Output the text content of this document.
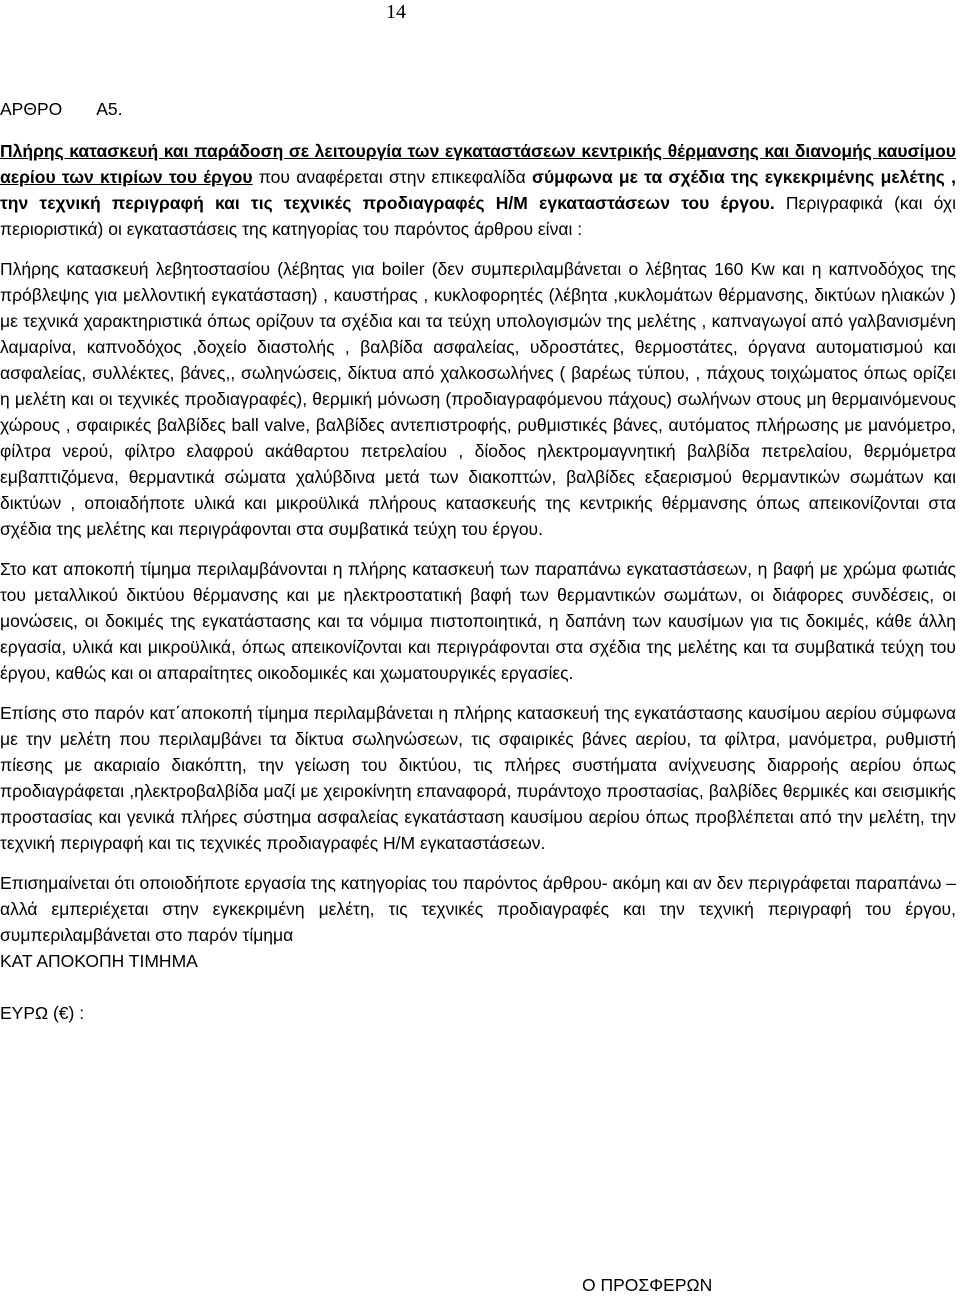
14
ΑΡΘΡΟ Α5.

Πλήρης κατασκευή και παράδοση σε λειτουργία των εγκαταστάσεων κεντρικής θέρμανσης και διανομής καυσίμου αερίου των κτιρίων του έργου που αναφέρεται στην επικεφαλίδα σύμφωνα με τα σχέδια της εγκεκριμένης μελέτης , την τεχνική περιγραφή και τις τεχνικές προδιαγραφές Η/Μ εγκαταστάσεων του έργου. Περιγραφικά (και όχι περιοριστικά) οι εγκαταστάσεις της κατηγορίας του παρόντος άρθρου είναι :

Πλήρης κατασκευή λεβητοστασίου (λέβητας για boiler (δεν συμπεριλαμβάνεται ο λέβητας 160 Kw και η καπνοδόχος της πρόβλεψης για μελλοντική εγκατάσταση) , καυστήρας , κυκλοφορητές (λέβητα ,κυκλομάτων θέρμανσης, δικτύων ηλιακών ) με τεχνικά χαρακτηριστικά όπως ορίζουν τα σχέδια και τα τεύχη υπολογισμών της μελέτης , καπναγωγοί από γαλβανισμένη λαμαρίνα, καπνοδόχος ,δοχείο διαστολής , βαλβίδα ασφαλείας, υδροστάτες, θερμοστάτες, όργανα αυτοματισμού και ασφαλείας, συλλέκτες, βάνες,, σωληνώσεις, δίκτυα από χαλκοσωλήνες ( βαρέως τύπου, , πάχους τοιχώματος όπως ορίζει η μελέτη και οι τεχνικές προδιαγραφές), θερμική μόνωση (προδιαγραφόμενου πάχους) σωλήνων στους μη θερμαινόμενους χώρους , σφαιρικές βαλβίδες ball valve, βαλβίδες αντεπιστροφής, ρυθμιστικές βάνες, αυτόματος πλήρωσης με μανόμετρο, φίλτρα νερού, φίλτρο ελαφρού ακάθαρτου πετρελαίου , δίοδος ηλεκτρομαγνητική βαλβίδα πετρελαίου, θερμόμετρα εμβαπτιζόμενα, θερμαντικά σώματα χαλύβδινα μετά των διακοπτών, βαλβίδες εξαερισμού θερμαντικών σωμάτων και δικτύων , οποιαδήποτε υλικά και μικροϋλικά πλήρους κατασκευής της κεντρικής θέρμανσης όπως απεικονίζονται στα σχέδια της μελέτης και περιγράφονται στα συμβατικά τεύχη του έργου.

Στο κατ αποκοπή τίμημα περιλαμβάνονται η πλήρης κατασκευή των παραπάνω εγκαταστάσεων, η βαφή με χρώμα φωτιάς του μεταλλικού δικτύου θέρμανσης και με ηλεκτροστατική βαφή των θερμαντικών σωμάτων, οι διάφορες συνδέσεις, οι μονώσεις, οι δοκιμές της εγκατάστασης και τα νόμιμα πιστοποιητικά, η δαπάνη των καυσίμων για τις δοκιμές, κάθε άλλη εργασία, υλικά και μικροϋλικά, όπως απεικονίζονται και περιγράφονται στα σχέδια της μελέτης και τα συμβατικά τεύχη του έργου, καθώς και οι απαραίτητες οικοδομικές και χωματουργικές εργασίες.

Επίσης στο παρόν κατ΄αποκοπή τίμημα περιλαμβάνεται η πλήρης κατασκευή της εγκατάστασης καυσίμου αερίου σύμφωνα με την μελέτη που περιλαμβάνει τα δίκτυα σωληνώσεων, τις σφαιρικές βάνες αερίου, τα φίλτρα, μανόμετρα, ρυθμιστή πίεσης με ακαριαίο διακόπτη, την γείωση του δικτύου, τις πλήρες συστήματα ανίχνευσης διαρροής αερίου όπως προδιαγράφεται ,ηλεκτροβαλβίδα μαζί με χειροκίνητη επαναφορά, πυράντοχο προστασίας, βαλβίδες θερμικές και σεισμικής προστασίας και γενικά πλήρες σύστημα ασφαλείας εγκατάσταση καυσίμου αερίου όπως προβλέπεται από την μελέτη, την τεχνική περιγραφή και τις τεχνικές προδιαγραφές Η/Μ εγκαταστάσεων.

Επισημαίνεται ότι οποιοδήποτε εργασία της κατηγορίας του παρόντος άρθρου- ακόμη και αν δεν περιγράφεται παραπάνω – αλλά εμπεριέχεται στην εγκεκριμένη μελέτη, τις τεχνικές προδιαγραφές και την τεχνική περιγραφή του έργου, συμπεριλαμβάνεται στο παρόν τίμημα

ΚΑΤ ΑΠΟΚΟΠΗ ΤΙΜΗΜΑ
ΕΥΡΩ (€) :
Ο ΠΡΟΣΦΕΡΩΝ
